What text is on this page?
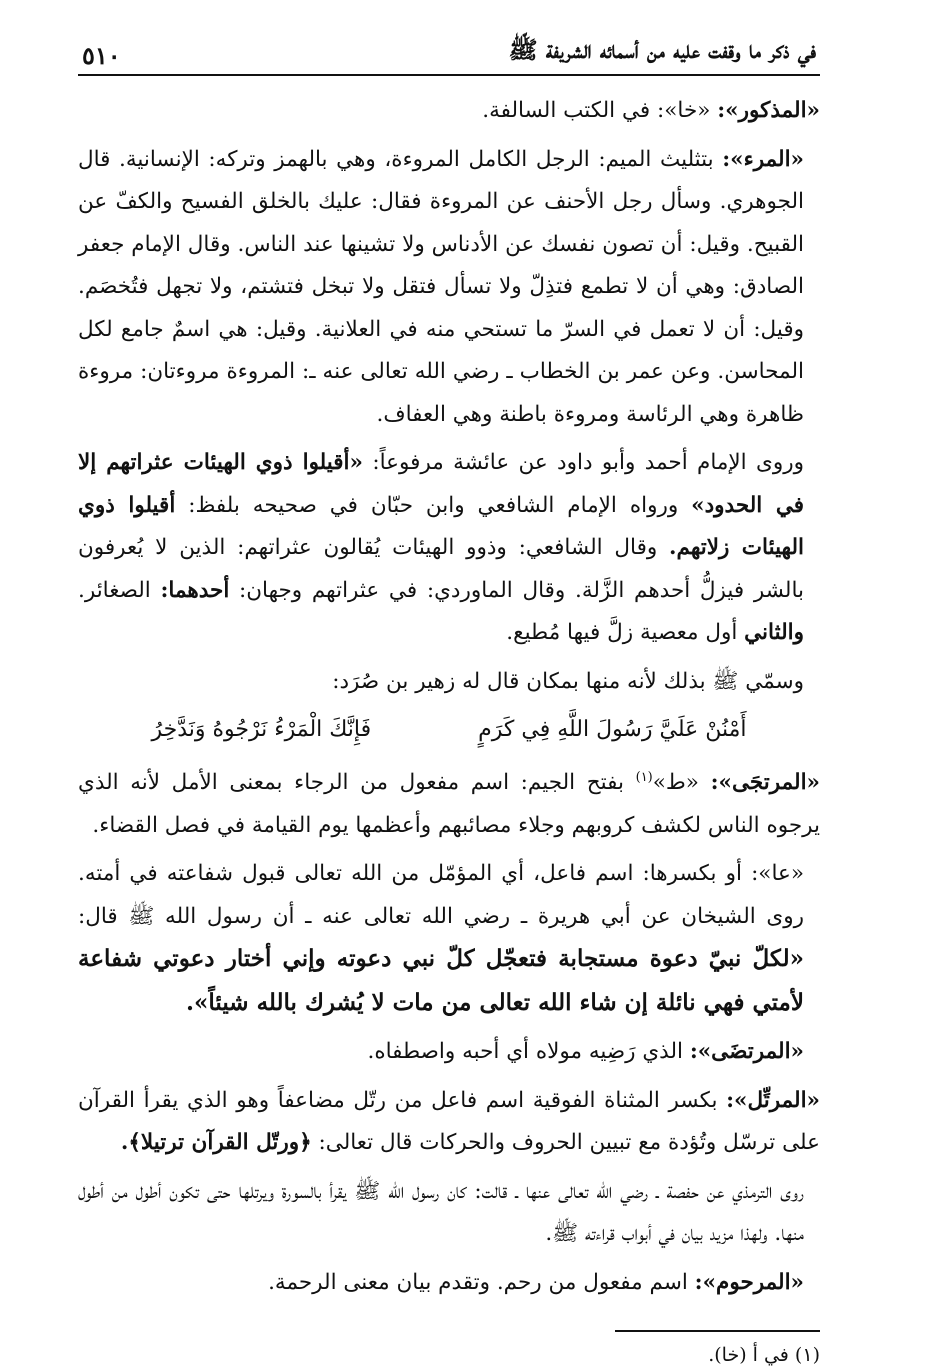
في ذكر ما وقفت عليه من أسمائه الشريفة ﷺ
٥١٠

«المذكور»: «خا»: في الكتب السالفة.

«المرء»: بتثليث الميم: الرجل الكامل المروءة، وهي بالهمز وتركه: الإنسانية. قال الجوهري. وسأل رجل الأحنف عن المروءة فقال: عليك بالخلق الفسيح والكفّ عن القبيح. وقيل: أن تصون نفسك عن الأدناس ولا تشينها عند الناس. وقال الإمام جعفر الصادق: وهي أن لا تطمع فتذِلّ ولا تسأل فتقل ولا تبخل فتشتم، ولا تجهل فتُخصَم. وقيل: أن لا تعمل في السرّ ما تستحي منه في العلانية. وقيل: هي اسمٌ جامع لكل المحاسن. وعن عمر بن الخطاب ـ رضي الله تعالى عنه ـ: المروءة مروءتان: مروءة ظاهرة وهي الرئاسة ومروءة باطنة وهي العفاف.

وروى الإمام أحمد وأبو داود عن عائشة مرفوعاً: «أقيلوا ذوي الهيئات عثراتهم إلا في الحدود» ورواه الإمام الشافعي وابن حبّان في صحيحه بلفظ: أقيلوا ذوي الهيئات زلاتهم. وقال الشافعي: وذوو الهيئات يُقالون عثراتهم: الذين لا يُعرفون بالشر فيزلُّ أحدهم الزَّلة. وقال الماوردي: في عثراتهم وجهان: أحدهما: الصغائر. والثاني أول معصية زلَّ فيها مُطيع.

وسمّي ﷺ بذلك لأنه منها بمكان قال له زهير بن صُرَد:

أَمْنُنْ عَلَيَّ رَسُولَ اللَّهِ فِي كَرَمٍ
فَإِنَّكَ الْمَرْءُ نَرْجُوهُ وَنَدَّخِرُ

«المرتجَى»: «ط»$^{(١)}$ بفتح الجيم: اسم مفعول من الرجاء بمعنى الأمل لأنه الذي يرجوه الناس لكشف كروبهم وجلاء مصائبهم وأعظمها يوم القيامة في فصل القضاء.

«عا»: أو بكسرها: اسم فاعل، أي المؤمّل من الله تعالى قبول شفاعته في أمته. روى الشيخان عن أبي هريرة ـ رضي الله تعالى عنه ـ أن رسول الله ﷺ قال: «لكلّ نبيّ دعوة مستجابة فتعجّل كلّ نبي دعوته وإني أختار دعوتي شفاعة لأمتي فهي نائلة إن شاء الله تعالى من مات لا يُشرك بالله شيئاً».

«المرتضَى»: الذي رَضِيه مولاه أي أحبه واصطفاه.

«المرتِّل»: بكسر المثناة الفوقية اسم فاعل من رتّل مضاعفاً وهو الذي يقرأ القرآن على ترسّل وتُؤدة مع تبيين الحروف والحركات قال تعالى: ﴿ورتّل القرآن ترتيلا﴾.

روى الترمذي عن حفصة ـ رضي الله تعالى عنها ـ قالت: كان رسول الله ﷺ يقرأ بالسورة ويرتلها حتى تكون أطول من أطول منها. ولهذا مزيد بيان في أبواب قراءته ﷺ.

«المرحوم»: اسم مفعول من رحم. وتقدم بيان معنى الرحمة.

(١) في أ (خا).
